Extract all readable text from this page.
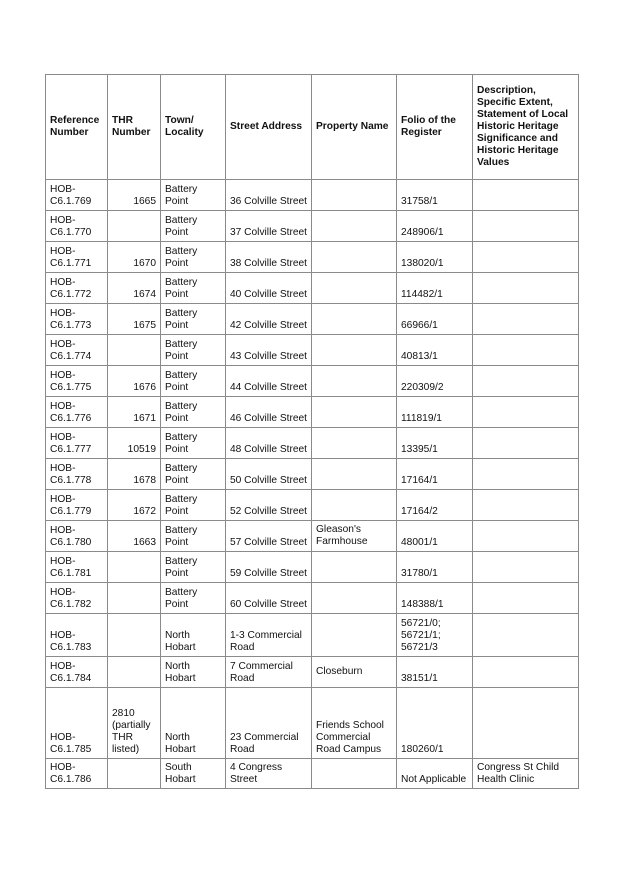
Reference Number	THR Number	Town/ Locality	Street Address	Property Name	Folio of the Register	Description, Specific Extent, Statement of Local Historic Heritage Significance and Historic Heritage Values
HOB-C6.1.769	1665	Battery Point	36 Colville Street		31758/1	
HOB-C6.1.770		Battery Point	37 Colville Street		248906/1	
HOB-C6.1.771	1670	Battery Point	38 Colville Street		138020/1	
HOB-C6.1.772	1674	Battery Point	40 Colville Street		114482/1	
HOB-C6.1.773	1675	Battery Point	42 Colville Street		66966/1	
HOB-C6.1.774		Battery Point	43 Colville Street		40813/1	
HOB-C6.1.775	1676	Battery Point	44 Colville Street		220309/2	
HOB-C6.1.776	1671	Battery Point	46 Colville Street		111819/1	
HOB-C6.1.777	10519	Battery Point	48 Colville Street		13395/1	
HOB-C6.1.778	1678	Battery Point	50 Colville Street		17164/1	
HOB-C6.1.779	1672	Battery Point	52 Colville Street		17164/2	
HOB-C6.1.780	1663	Battery Point	57 Colville Street	Gleason's Farmhouse	48001/1	
HOB-C6.1.781		Battery Point	59 Colville Street		31780/1	
HOB-C6.1.782		Battery Point	60 Colville Street		148388/1	
HOB-C6.1.783		North Hobart	1-3 Commercial Road		56721/0; 56721/1; 56721/3	
HOB-C6.1.784		North Hobart	7 Commercial Road	Closeburn	38151/1	
HOB-C6.1.785	2810 (partially THR listed)	North Hobart	23 Commercial Road	Friends School Commercial Road Campus	180260/1	
HOB-C6.1.786		South Hobart	4 Congress Street		Not Applicable	Congress St Child Health Clinic
